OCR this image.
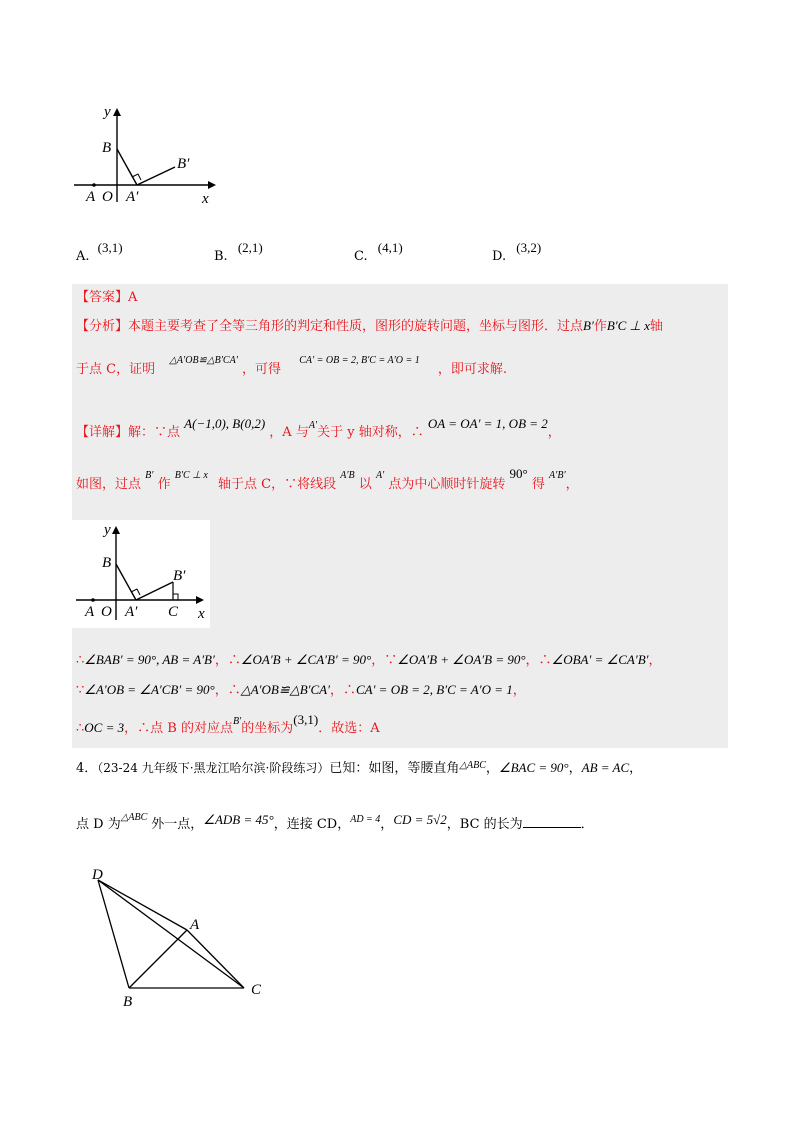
y
B
B′
A O A′	x
A. (3,1)
B. (2,1)
C. (4,1)
D. (3,2)
【答案】A
【分析】本题主要考查了全等三角形的判定和性质，图形的旋转问题，坐标与图形．过点B′作B′C ⊥ x轴
于点 C，证明 $^{\triangle A'OB≌\triangle B'CA'}$ ，可得 $^{CA' = OB = 2, B'C = A'O = 1}$ ，即可求解.
【详解】解：∵点 A(−1,0), B(0,2) ，A 与$^{A'}$关于 y 轴对称，∴ OA = OA′ = 1, OB = 2，
如图，过点 $^{B'}$ 作 $^{B'C \perp x}$ 轴于点 C，∵将线段 $^{A'B}$ 以 $^{A'}$ 点为中心顺时针旋转 90° 得 $^{A'B'}$，
y
B
B′
A O A′ C x
∴∠BAB′ = 90°, AB = A′B′，∴∠OA′B + ∠CA′B′ = 90°，∵∠OA′B + ∠OA′B = 90°，∴∠OBA′ = ∠CA′B′，
∵∠A′OB = ∠A′CB′ = 90°，∴△A′OB≌△B′CA′，∴CA′ = OB = 2, B′C = A′O = 1，
∴OC = 3，∴点 B 的对应点$^{B'}$的坐标为(3,1)．故选：A
4．（23-24 九年级下·黑龙江哈尔滨·阶段练习）已知：如图，等腰直角$^{\triangle ABC}$，∠BAC = 90°，AB = AC，
点 D 为$^{\triangle ABC}$ 外一点，∠ADB = 45°，连接 CD，$^{AD = 4}$，CD = 5√2，BC 的长为	．
D
A
B
C
